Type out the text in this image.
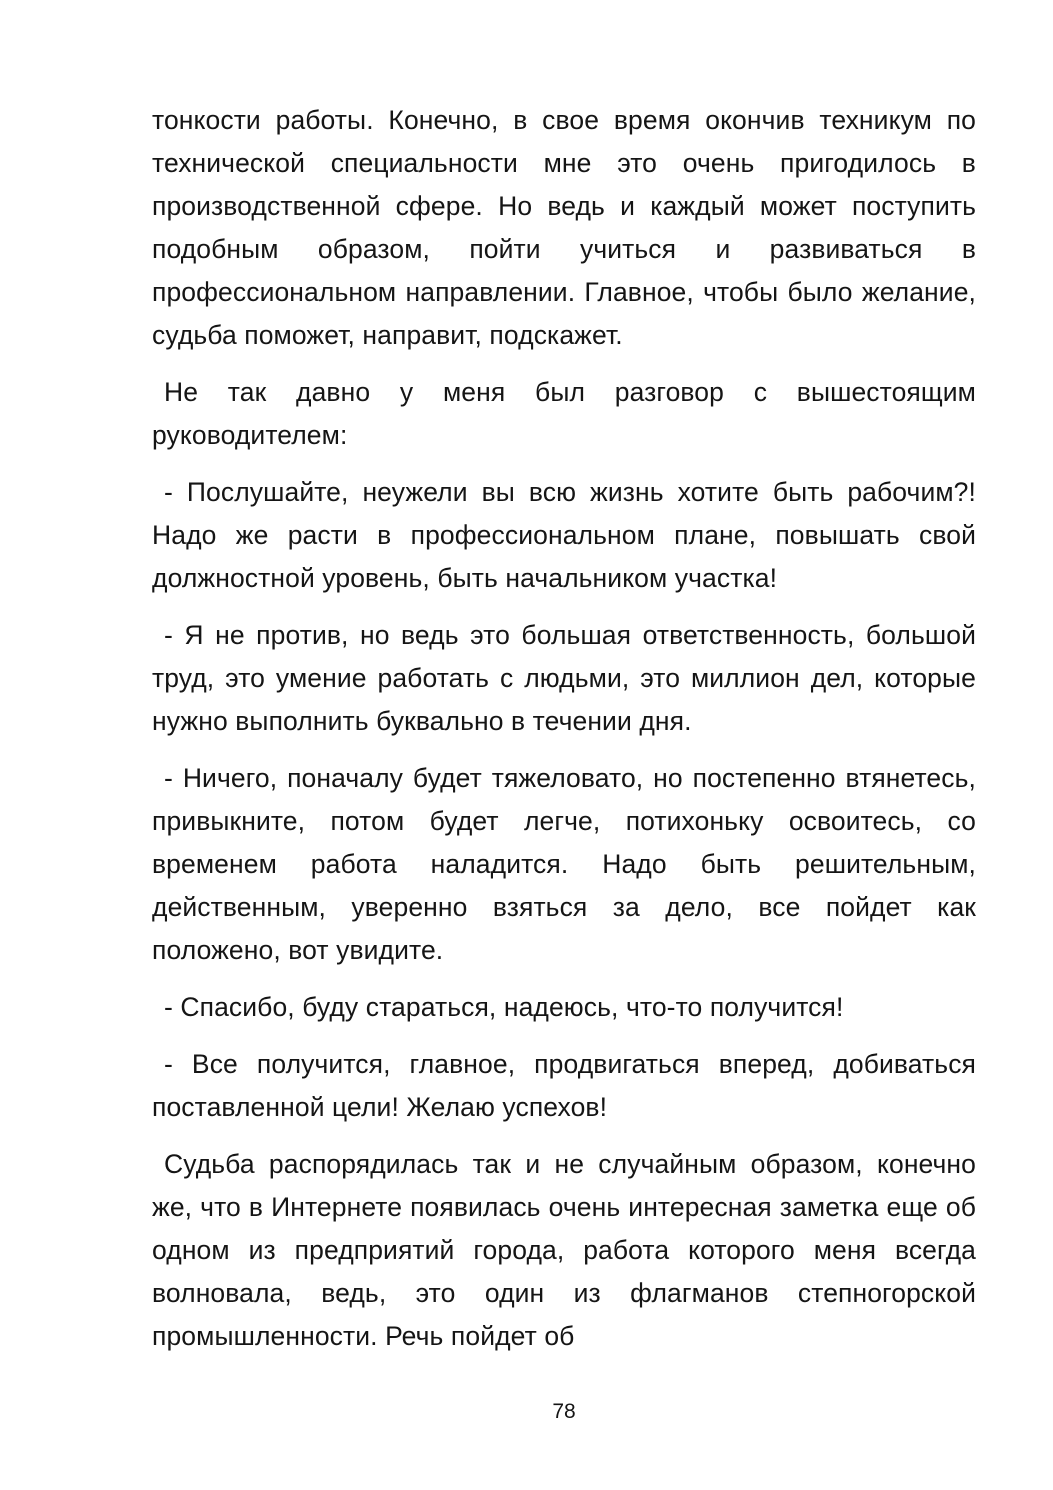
тонкости работы. Конечно, в свое время окончив техникум по технической специальности мне это очень пригодилось в производственной сфере. Но ведь и каждый может поступить подобным образом, пойти учиться и развиваться в профессиональном направлении. Главное, чтобы было желание, судьба поможет, направит, подскажет.

Не так давно у меня был разговор с вышестоящим руководителем:

- Послушайте, неужели вы всю жизнь хотите быть рабочим?! Надо же расти в профессиональном плане, повышать свой должностной уровень, быть начальником участка!

- Я не против, но ведь это большая ответственность, большой труд, это умение работать с людьми, это миллион дел, которые нужно выполнить буквально в течении дня.

- Ничего, поначалу будет тяжеловато, но постепенно втянетесь, привыкните, потом будет легче, потихоньку освоитесь, со временем работа наладится. Надо быть решительным, действенным, уверенно взяться за дело, все пойдет как положено, вот увидите.

- Спасибо, буду стараться, надеюсь, что-то получится!

- Все получится, главное, продвигаться вперед, добиваться поставленной цели! Желаю успехов!

Судьба распорядилась так и не случайным образом, конечно же, что в Интернете появилась очень интересная заметка еще об одном из предприятий города, работа которого меня всегда волновала, ведь, это один из флагманов степногорской промышленности. Речь пойдет об

78
